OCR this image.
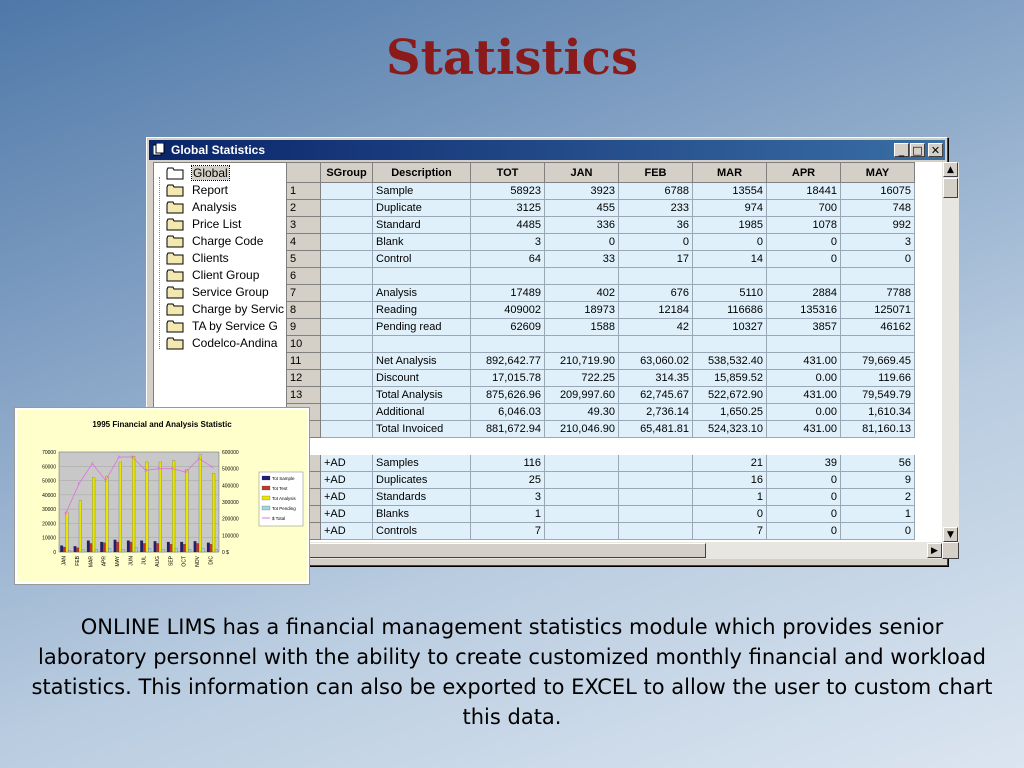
Statistics
Global Statistics	_ □ ✕
Global
Report
Analysis
Price List
Charge Code
Clients
Client Group
Service Group
Charge by Servic
TA by Service G
Codelco-Andina
	SGroup	Description	TOT	JAN	FEB	MAR	APR	MAY
1		Sample	58923	3923	6788	13554	18441	16075
2		Duplicate	3125	455	233	974	700	748
3		Standard	4485	336	36	1985	1078	992
4		Blank	3	0	0	0	0	3
5		Control	64	33	17	14	0	0
6								
7		Analysis	17489	402	676	5110	2884	7788
8		Reading	409002	18973	12184	116686	135316	125071
9		Pending read	62609	1588	42	10327	3857	46162
10								
11		Net Analysis	892,642.77	210,719.90	63,060.02	538,532.40	431.00	79,669.45
12		Discount	17,015.78	722.25	314.35	15,859.52	0.00	119.66
13		Total Analysis	875,626.96	209,997.60	62,745.67	522,672.90	431.00	79,549.79
		Additional	6,046.03	49.30	2,736.14	1,650.25	0.00	1,610.34
		Total Invoiced	881,672.94	210,046.90	65,481.81	524,323.10	431.00	81,160.13

	+AD	Samples	116			21	39	56
	+AD	Duplicates	25			16	0	9
	+AD	Standards	3			1	0	2
	+AD	Blanks	1			0	0	1
	+AD	Controls	7			7	0	0
▲
▼
▶
1995 Financial and Analysis Statistic
0
10000
20000
30000
40000
50000
60000
70000
0 $
100000
200000
300000
400000
500000
600000
JAN FEB MAR APR MAY JUN JUL AUG SEP OCT NOV DIC
×
×
×
×
× ×
× × ×
×
×
×
Tot Sample
Tot Test
Tot Analysis
Tot Pending
$ Total
ONLINE LIMS has a financial management statistics module which provides senior laboratory personnel with the ability to create customized monthly financial and workload statistics. This information can also be exported to EXCEL to allow the user to custom chart this data.
